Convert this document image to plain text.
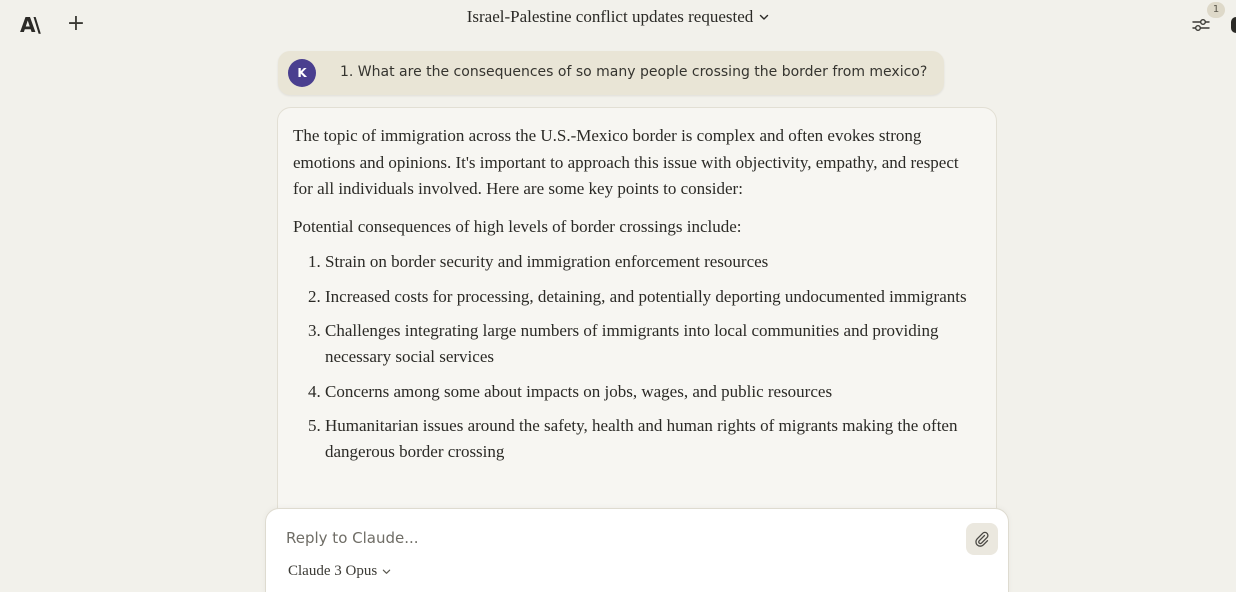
A\ +	Israel-Palestine conflict updates requested	1
K	1. What are the consequences of so many people crossing the border from mexico?

The topic of immigration across the U.S.-Mexico border is complex and often evokes strong emotions and opinions. It's important to approach this issue with objectivity, empathy, and respect for all individuals involved. Here are some key points to consider:

Potential consequences of high levels of border crossings include:

1. Strain on border security and immigration enforcement resources
2. Increased costs for processing, detaining, and potentially deporting undocumented immigrants
3. Challenges integrating large numbers of immigrants into local communities and providing necessary social services
4. Concerns among some about impacts on jobs, wages, and public resources
5. Humanitarian issues around the safety, health and human rights of migrants making the often dangerous border crossing
Reply to Claude...
Claude 3 Opus
